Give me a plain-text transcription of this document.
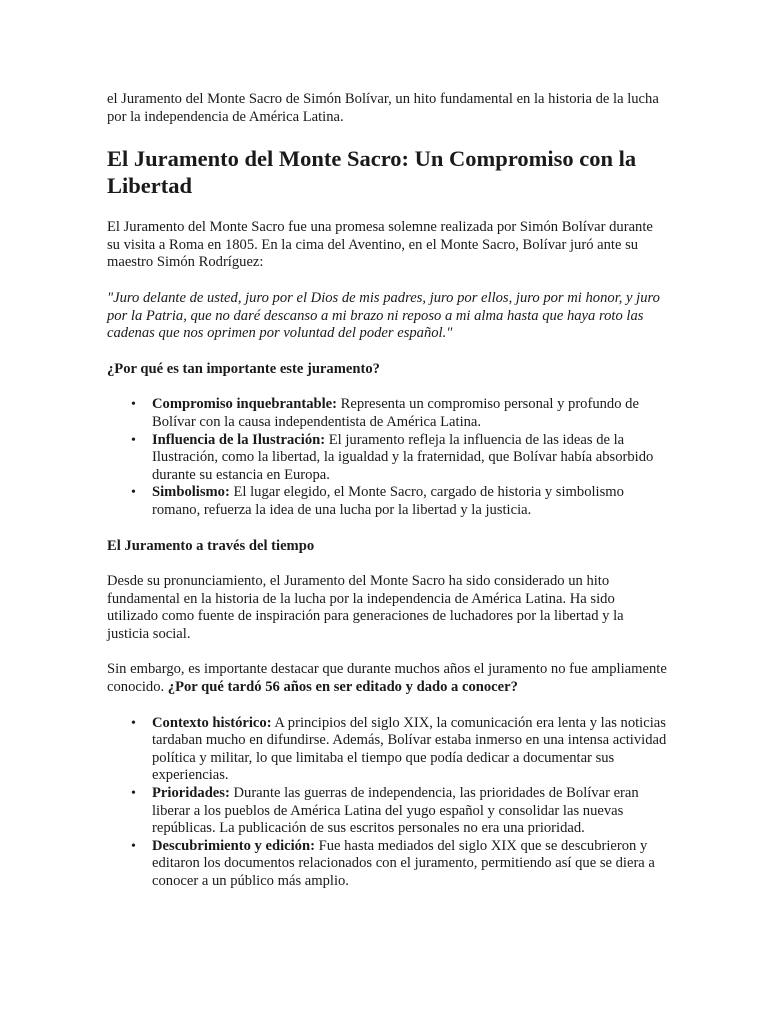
el Juramento del Monte Sacro de Simón Bolívar, un hito fundamental en la historia de la lucha por la independencia de América Latina.

El Juramento del Monte Sacro: Un Compromiso con la Libertad

El Juramento del Monte Sacro fue una promesa solemne realizada por Simón Bolívar durante su visita a Roma en 1805. En la cima del Aventino, en el Monte Sacro, Bolívar juró ante su maestro Simón Rodríguez:

"Juro delante de usted, juro por el Dios de mis padres, juro por ellos, juro por mi honor, y juro por la Patria, que no daré descanso a mi brazo ni reposo a mi alma hasta que haya roto las cadenas que nos oprimen por voluntad del poder español."

¿Por qué es tan importante este juramento?

• Compromiso inquebrantable: Representa un compromiso personal y profundo de Bolívar con la causa independentista de América Latina.
• Influencia de la Ilustración: El juramento refleja la influencia de las ideas de la Ilustración, como la libertad, la igualdad y la fraternidad, que Bolívar había absorbido durante su estancia en Europa.
• Simbolismo: El lugar elegido, el Monte Sacro, cargado de historia y simbolismo romano, refuerza la idea de una lucha por la libertad y la justicia.

El Juramento a través del tiempo

Desde su pronunciamiento, el Juramento del Monte Sacro ha sido considerado un hito fundamental en la historia de la lucha por la independencia de América Latina. Ha sido utilizado como fuente de inspiración para generaciones de luchadores por la libertad y la justicia social.

Sin embargo, es importante destacar que durante muchos años el juramento no fue ampliamente conocido. ¿Por qué tardó 56 años en ser editado y dado a conocer?

• Contexto histórico: A principios del siglo XIX, la comunicación era lenta y las noticias tardaban mucho en difundirse. Además, Bolívar estaba inmerso en una intensa actividad política y militar, lo que limitaba el tiempo que podía dedicar a documentar sus experiencias.
• Prioridades: Durante las guerras de independencia, las prioridades de Bolívar eran liberar a los pueblos de América Latina del yugo español y consolidar las nuevas repúblicas. La publicación de sus escritos personales no era una prioridad.
• Descubrimiento y edición: Fue hasta mediados del siglo XIX que se descubrieron y editaron los documentos relacionados con el juramento, permitiendo así que se diera a conocer a un público más amplio.
